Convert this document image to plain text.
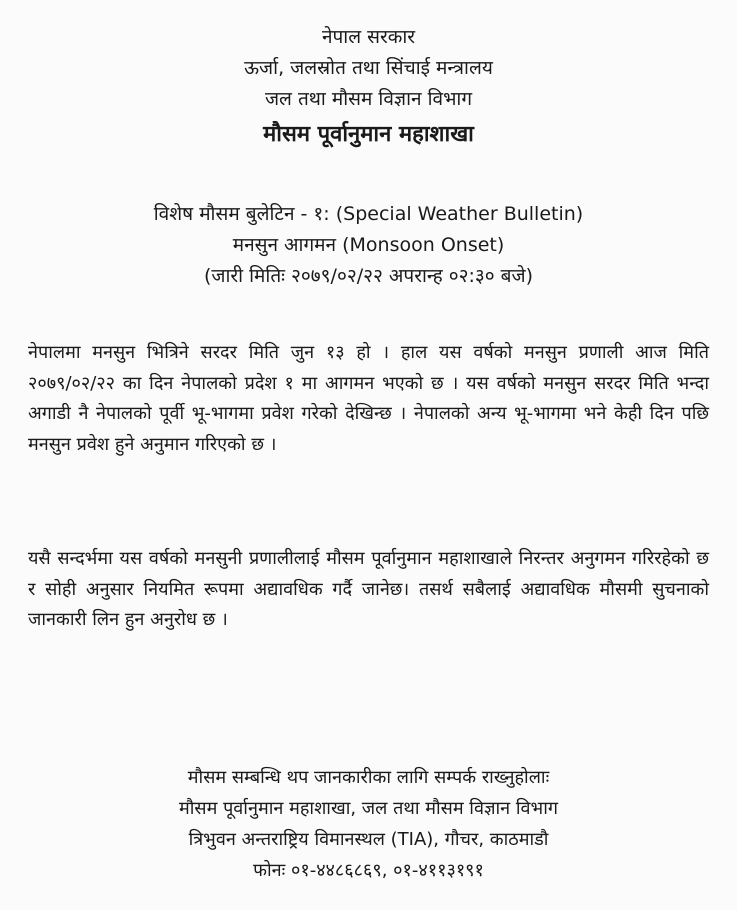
नेपाल सरकार
ऊर्जा, जलस्रोत तथा सिंचाई मन्त्रालय
जल तथा मौसम विज्ञान विभाग
मौसम पूर्वानुमान महाशाखा
विशेष मौसम बुलेटिन - १: (Special Weather Bulletin)
मनसुन आगमन (Monsoon Onset)
(जारी मितिः २०७९/०२/२२ अपरान्ह ०२:३० बजे)

नेपालमा मनसुन भित्रिने सरदर मिति जुन १३ हो । हाल यस वर्षको मनसुन प्रणाली आज मिति २०७९/०२/२२ का दिन नेपालको प्रदेश १ मा आगमन भएको छ । यस वर्षको मनसुन सरदर मिति भन्दा अगाडी नै नेपालको पूर्वी भू-भागमा प्रवेश गरेको देखिन्छ । नेपालको अन्य भू-भागमा भने केही दिन पछि मनसुन प्रवेश हुने अनुमान गरिएको छ ।

यसै सन्दर्भमा यस वर्षको मनसुनी प्रणालीलाई मौसम पूर्वानुमान महाशाखाले निरन्तर अनुगमन गरिरहेको छ र सोही अनुसार नियमित रूपमा अद्यावधिक गर्दै जानेछ। तसर्थ सबैलाई अद्यावधिक मौसमी सुचनाको जानकारी लिन हुन अनुरोध छ ।

मौसम सम्बन्धि थप जानकारीका लागि सम्पर्क राख्नुहोलाः
मौसम पूर्वानुमान महाशाखा, जल तथा मौसम विज्ञान विभाग
त्रिभुवन अन्तराष्ट्रिय विमानस्थल (TIA), गौचर, काठमाडौ
फोनः ०१-४४८६८६९, ०१-४११३१९१
